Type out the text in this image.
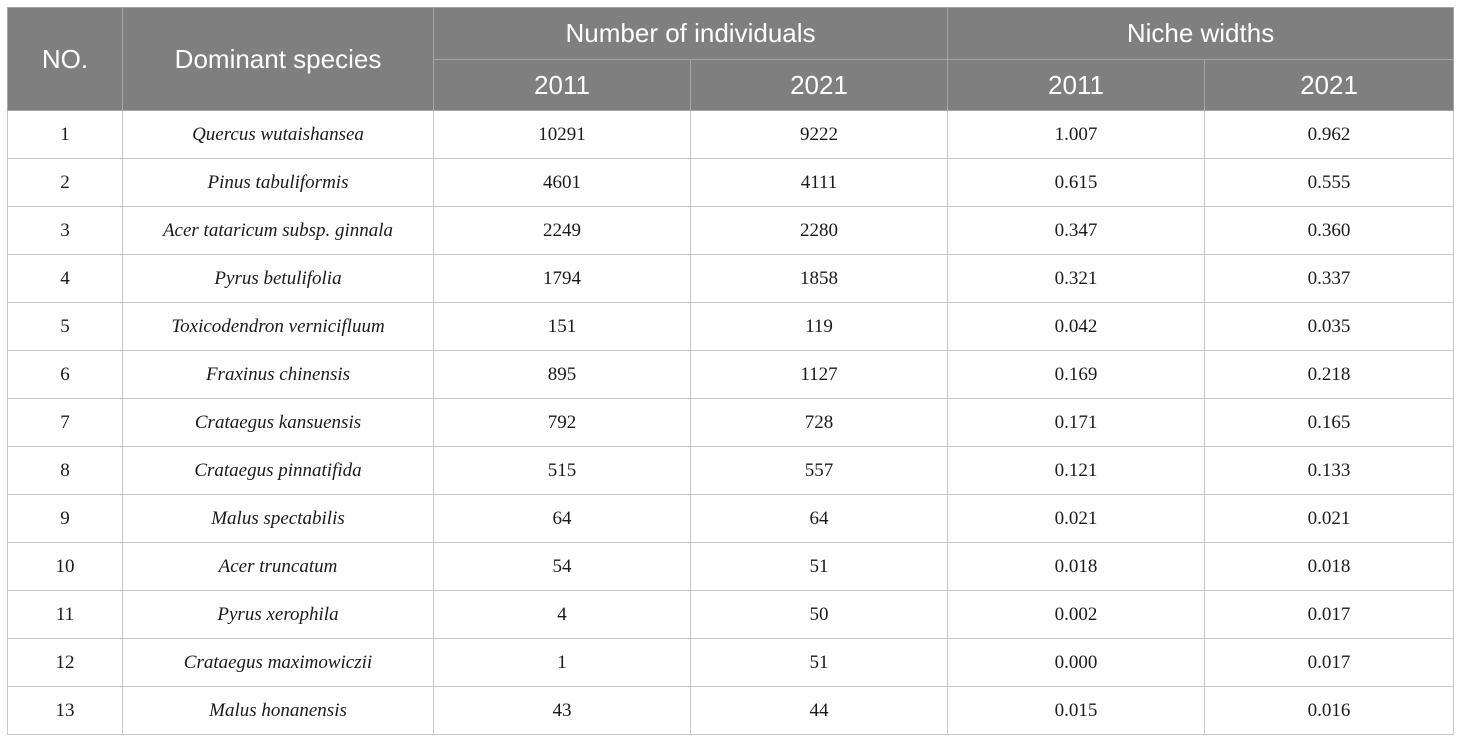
NO.	Dominant species	Number of individuals		Niche widths	
		2011	2021	2011	2021
1	Quercus wutaishansea	10291	9222	1.007	0.962
2	Pinus tabuliformis	4601	4111	0.615	0.555
3	Acer tataricum subsp. ginnala	2249	2280	0.347	0.360
4	Pyrus betulifolia	1794	1858	0.321	0.337
5	Toxicodendron vernicifluum	151	119	0.042	0.035
6	Fraxinus chinensis	895	1127	0.169	0.218
7	Crataegus kansuensis	792	728	0.171	0.165
8	Crataegus pinnatifida	515	557	0.121	0.133
9	Malus spectabilis	64	64	0.021	0.021
10	Acer truncatum	54	51	0.018	0.018
11	Pyrus xerophila	4	50	0.002	0.017
12	Crataegus maximowiczii	1	51	0.000	0.017
13	Malus honanensis	43	44	0.015	0.016
